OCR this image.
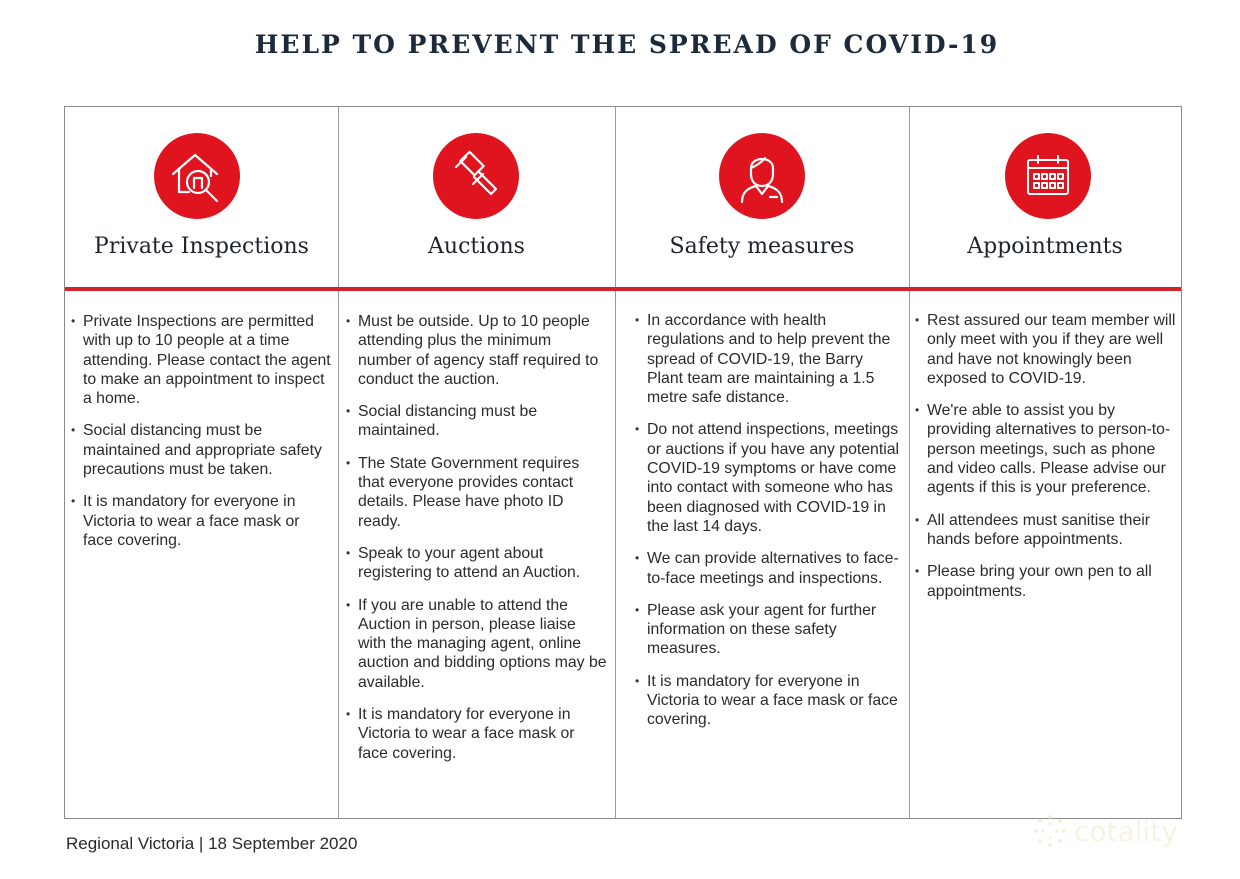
HELP TO PREVENT THE SPREAD OF COVID-19
Private Inspections
• Private Inspections are permitted with up to 10 people at a time attending. Please contact the agent to make an appointment to inspect a home.
• Social distancing must be maintained and appropriate safety precautions must be taken.
• It is mandatory for everyone in Victoria to wear a face mask or face covering.
Auctions
• Must be outside. Up to 10 people attending plus the minimum number of agency staff required to conduct the auction.
• Social distancing must be maintained.
• The State Government requires that everyone provides contact details. Please have photo ID ready.
• Speak to your agent about registering to attend an Auction.
• If you are unable to attend the Auction in person, please liaise with the managing agent, online auction and bidding options may be available.
• It is mandatory for everyone in Victoria to wear a face mask or face covering.
Safety measures
• In accordance with health regulations and to help prevent the spread of COVID-19, the Barry Plant team are maintaining a 1.5 metre safe distance.
• Do not attend inspections, meetings or auctions if you have any potential COVID-19 symptoms or have come into contact with someone who has been diagnosed with COVID-19 in the last 14 days.
• We can provide alternatives to face-to-face meetings and inspections.
• Please ask your agent for further information on these safety measures.
• It is mandatory for everyone in Victoria to wear a face mask or face covering.
Appointments
• Rest assured our team member will only meet with you if they are well and have not knowingly been exposed to COVID-19.
• We're able to assist you by providing alternatives to person-to-person meetings, such as phone and video calls. Please advise our agents if this is your preference.
• All attendees must sanitise their hands before appointments.
• Please bring your own pen to all appointments.
Regional Victoria | 18 September 2020	cotality
